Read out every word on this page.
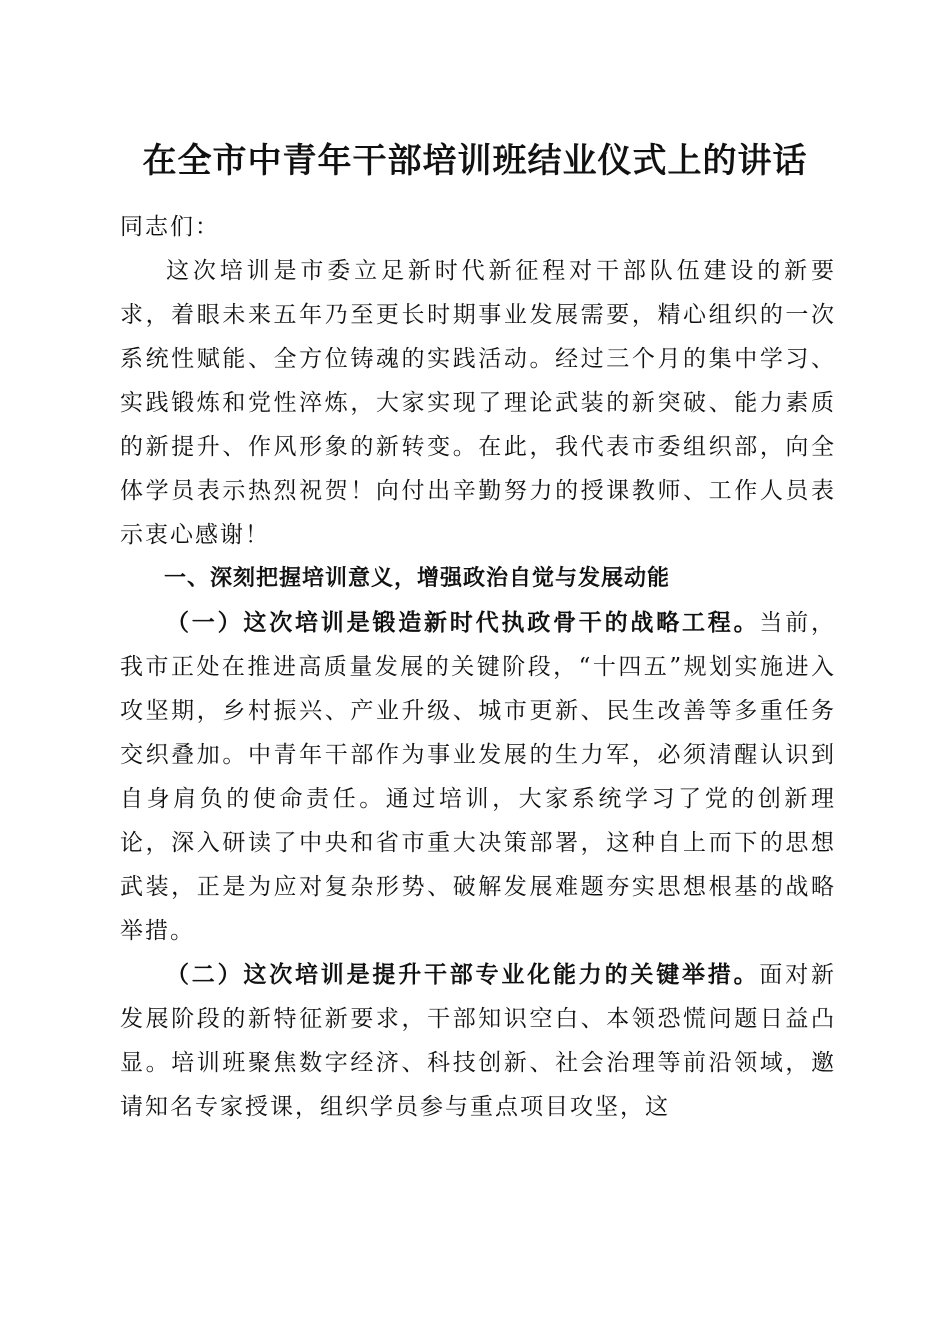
在全市中青年干部培训班结业仪式上的讲话

同志们：

这次培训是市委立足新时代新征程对干部队伍建设的新要求，着眼未来五年乃至更长时期事业发展需要，精心组织的一次系统性赋能、全方位铸魂的实践活动。经过三个月的集中学习、实践锻炼和党性淬炼，大家实现了理论武装的新突破、能力素质的新提升、作风形象的新转变。在此，我代表市委组织部，向全体学员表示热烈祝贺！向付出辛勤努力的授课教师、工作人员表示衷心感谢！

一、深刻把握培训意义，增强政治自觉与发展动能

（一）这次培训是锻造新时代执政骨干的战略工程。当前，我市正处在推进高质量发展的关键阶段，“十四五”规划实施进入攻坚期，乡村振兴、产业升级、城市更新、民生改善等多重任务交织叠加。中青年干部作为事业发展的生力军，必须清醒认识到自身肩负的使命责任。通过培训，大家系统学习了党的创新理论，深入研读了中央和省市重大决策部署，这种自上而下的思想武装，正是为应对复杂形势、破解发展难题夯实思想根基的战略举措。

（二）这次培训是提升干部专业化能力的关键举措。面对新发展阶段的新特征新要求，干部知识空白、本领恐慌问题日益凸显。培训班聚焦数字经济、科技创新、社会治理等前沿领域，邀请知名专家授课，组织学员参与重点项目攻坚，这
